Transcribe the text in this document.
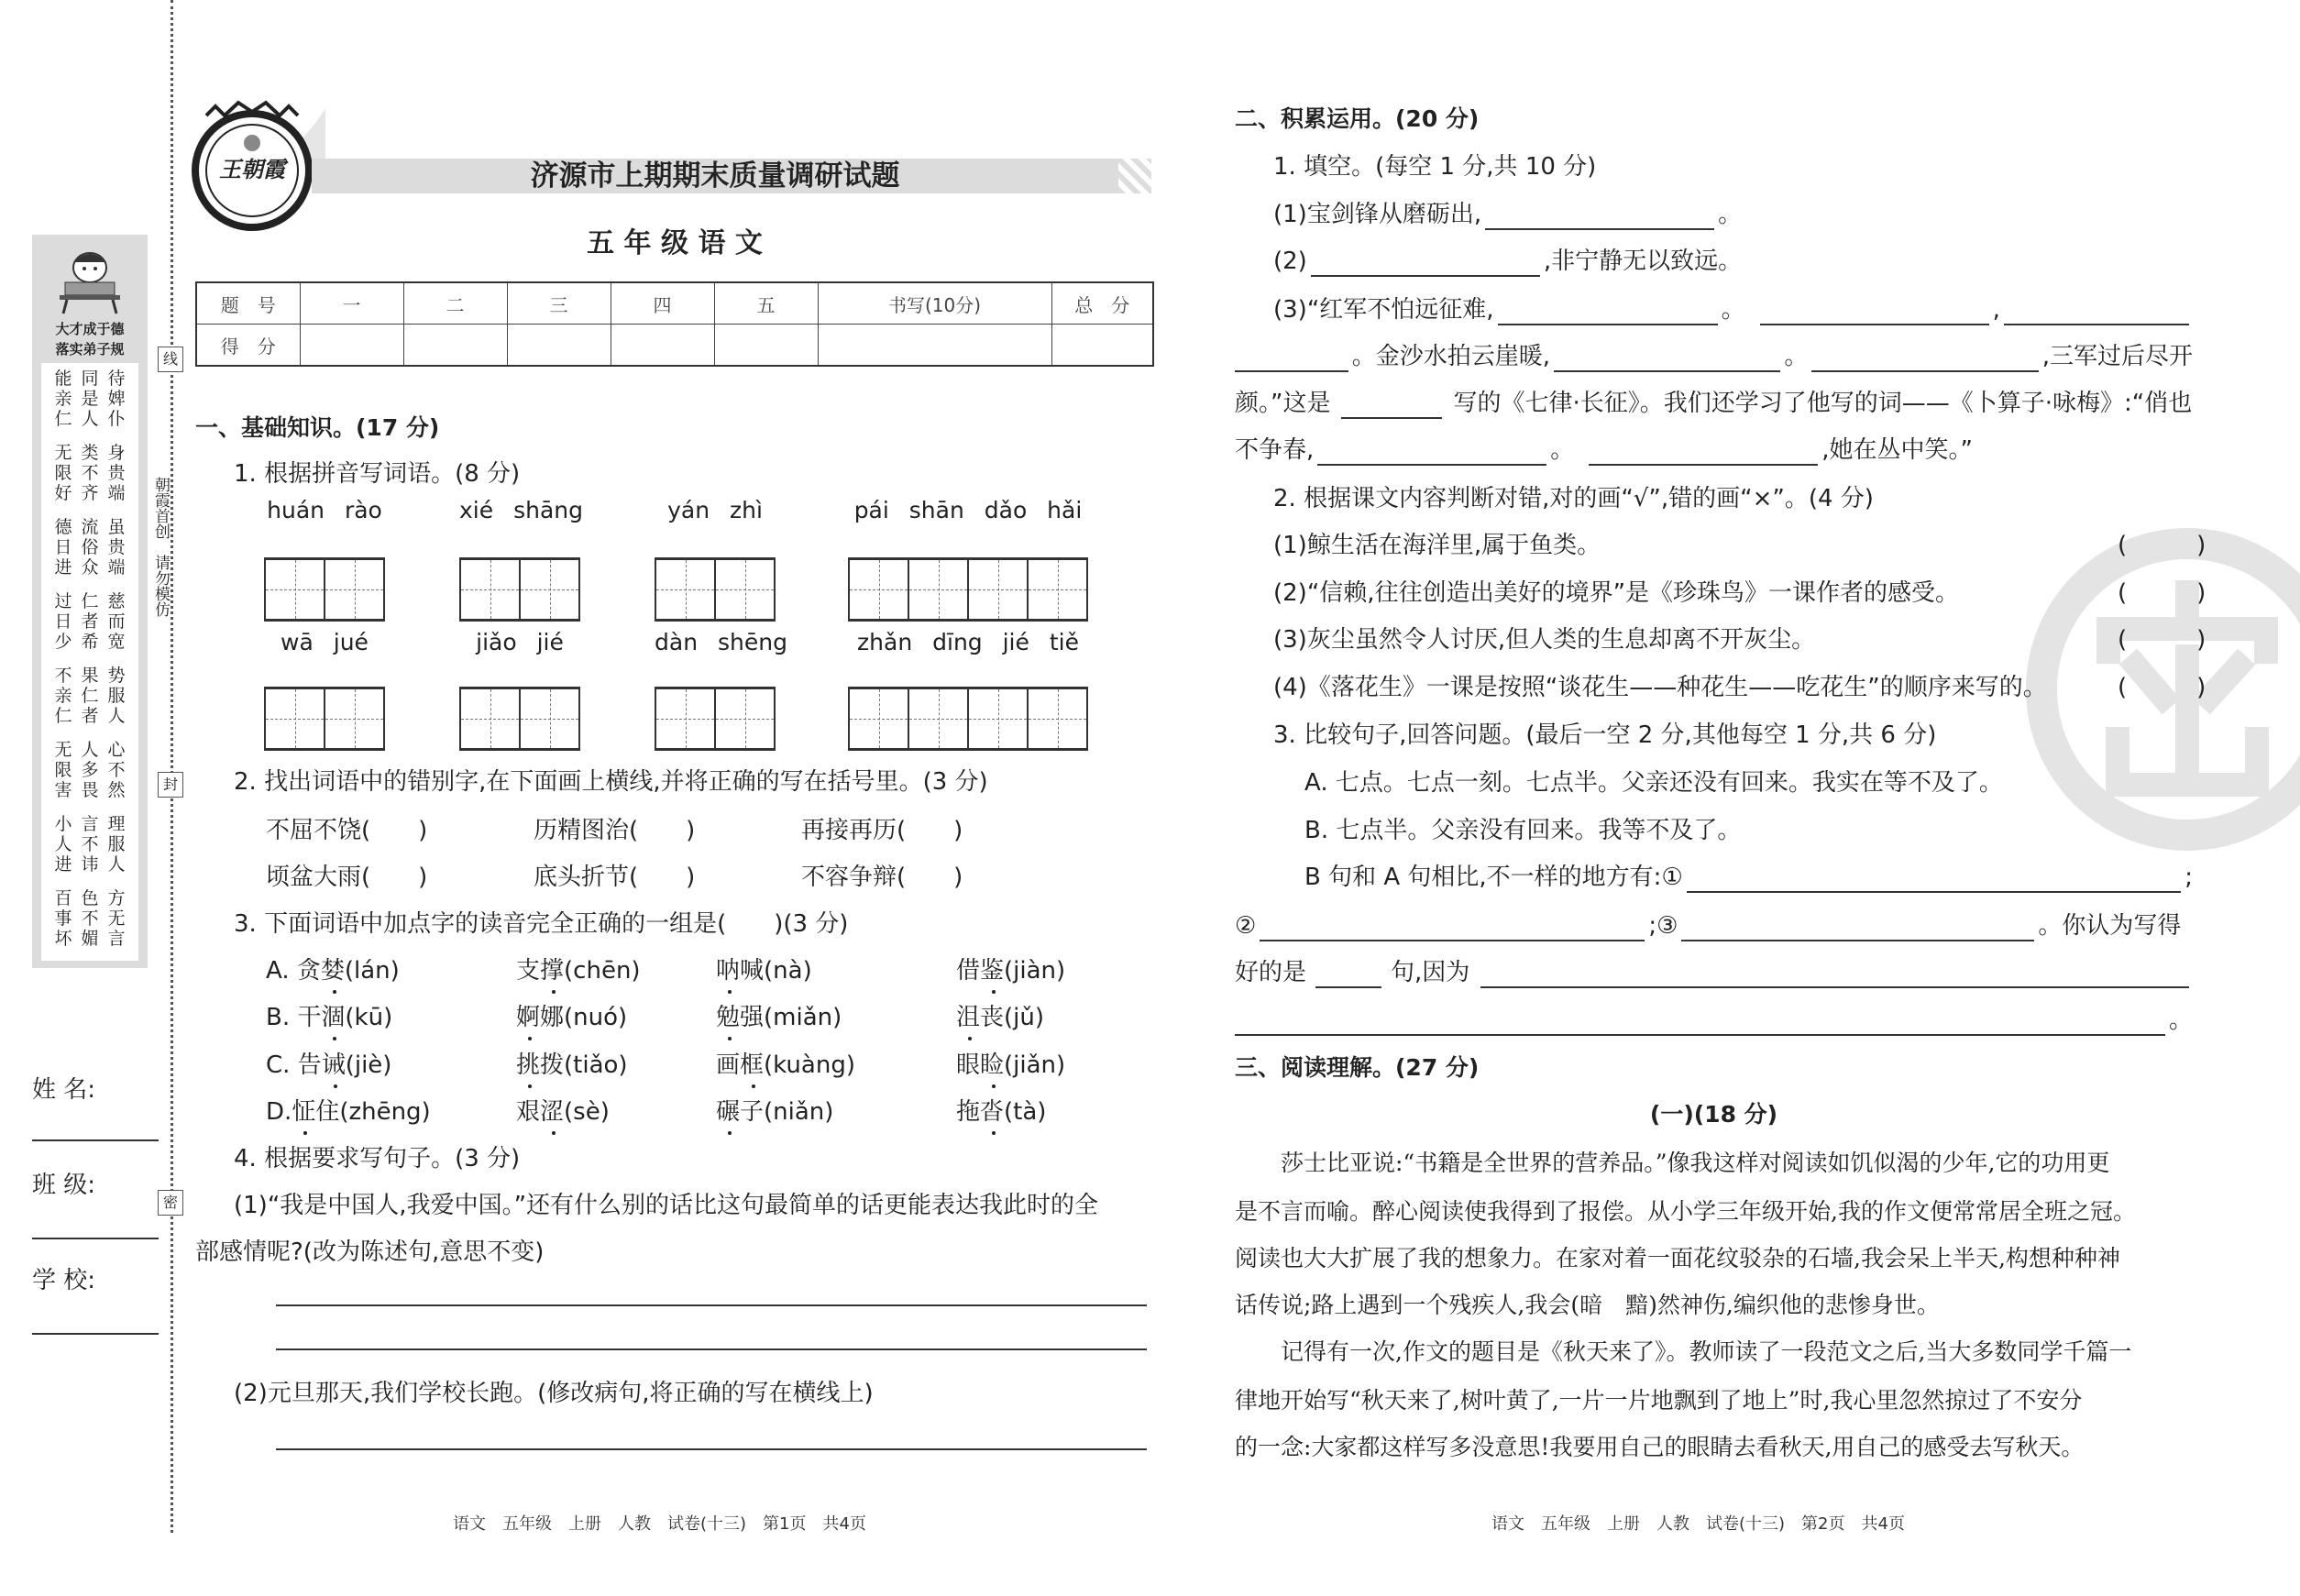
线
封
密
朝霞首创　请勿模仿
大才成于德
落实弟子规
能同待
亲是婢
仁人仆
无类身
限不贵
好齐端
德流虽
日俗贵
进众端
过仁慈
日者而
少希宽
不果势
亲仁服
仁者人
无人心
限多不
害畏然
小言理
人不服
进讳人
百色方
事不无
坏媚言
姓 名:
班 级:
学 校:
王朝霞	济源市上期期末质量调研试题
五 年 级 语 文
题　号	一	二	三	四	五	书写(10分)	总　分
得　分							
一、基础知识。(17 分)
1. 根据拼音写词语。(8 分)
huán rào	xié shāng	yán zhì	pái shān dǎo hǎi
wā jué	jiǎo jié	dàn shēng	zhǎn dīng jié tiě
2. 找出词语中的错别字,在下面画上横线,并将正确的写在括号里。(3 分)
不屈不饶(　　)	历精图治(　　)	再接再历(　　)
顷盆大雨(　　)	底头折节(　　)	不容争辩(　　)
3. 下面词语中加点字的读音完全正确的一组是(　　)(3 分)
A. 贪 婪 (lán)	支 撑 (chēn)	呐 喊(nà)	借 鉴 (jiàn)
B. 干 涸 (kū)	婀 娜(nuó)	勉 强(miǎn)	沮 丧(jǔ)
C. 告 诫 (jiè)	挑 拨(tiǎo)	画 框 (kuàng)	眼 睑 (jiǎn)
D. 怔 住(zhēng)	艰 涩 (sè)	碾 子(niǎn)	拖 沓 (tà)
4. 根据要求写句子。(3 分)
(1)“我是中国人,我爱中国。”还有什么别的话比这句最简单的话更能表达我此时的全
部感情呢?(改为陈述句,意思不变)
(2)元旦那天,我们学校长跑。(修改病句,将正确的写在横线上)
语文　五年级　上册　人教　试卷(十三)　第1页　共4页
二、积累运用。(20 分)
1. 填空。(每空 1 分,共 10 分)
(1)宝剑锋从磨砺出,	。
(2)	,非宁静无以致远。
(3)“红军不怕远征难,	。	,
。金沙水拍云崖暖,	。	,三军过后尽开
颜。”这是	写的《七律·长征》。我们还学习了他写的词——《卜算子·咏梅》:“俏也
不争春,	。	,她在丛中笑。”
2. 根据课文内容判断对错,对的画“√”,错的画“×”。(4 分)
(1)鲸生活在海洋里,属于鱼类。	(　　)
(2)“信赖,往往创造出美好的境界”是《珍珠鸟》一课作者的感受。	(　　)
(3)灰尘虽然令人讨厌,但人类的生息却离不开灰尘。	(　　)
(4)《落花生》一课是按照“谈花生——种花生——吃花生”的顺序来写的。	(　　)
3. 比较句子,回答问题。(最后一空 2 分,其他每空 1 分,共 6 分)
A. 七点。七点一刻。七点半。父亲还没有回来。我实在等不及了。
B. 七点半。父亲没有回来。我等不及了。
B 句和 A 句相比,不一样的地方有:①	;
②	;③	。你认为写得
好的是	句,因为
。
三、阅读理解。(27 分)
(一)(18 分)
莎士比亚说:“书籍是全世界的营养品。”像我这样对阅读如饥似渴的少年,它的功用更
是不言而喻。醉心阅读使我得到了报偿。从小学三年级开始,我的作文便常常居全班之冠。
阅读也大大扩展了我的想象力。在家对着一面花纹驳杂的石墙,我会呆上半天,构想种种神
话传说;路上遇到一个残疾人,我会(暗　黯)然神伤,编织他的悲惨身世。
记得有一次,作文的题目是《秋天来了》。教师读了一段范文之后,当大多数同学千篇一
律地开始写“秋天来了,树叶黄了,一片一片地飘到了地上”时,我心里忽然掠过了不安分
的一念:大家都这样写多没意思!我要用自己的眼睛去看秋天,用自己的感受去写秋天。
语文　五年级　上册　人教　试卷(十三)　第2页　共4页
